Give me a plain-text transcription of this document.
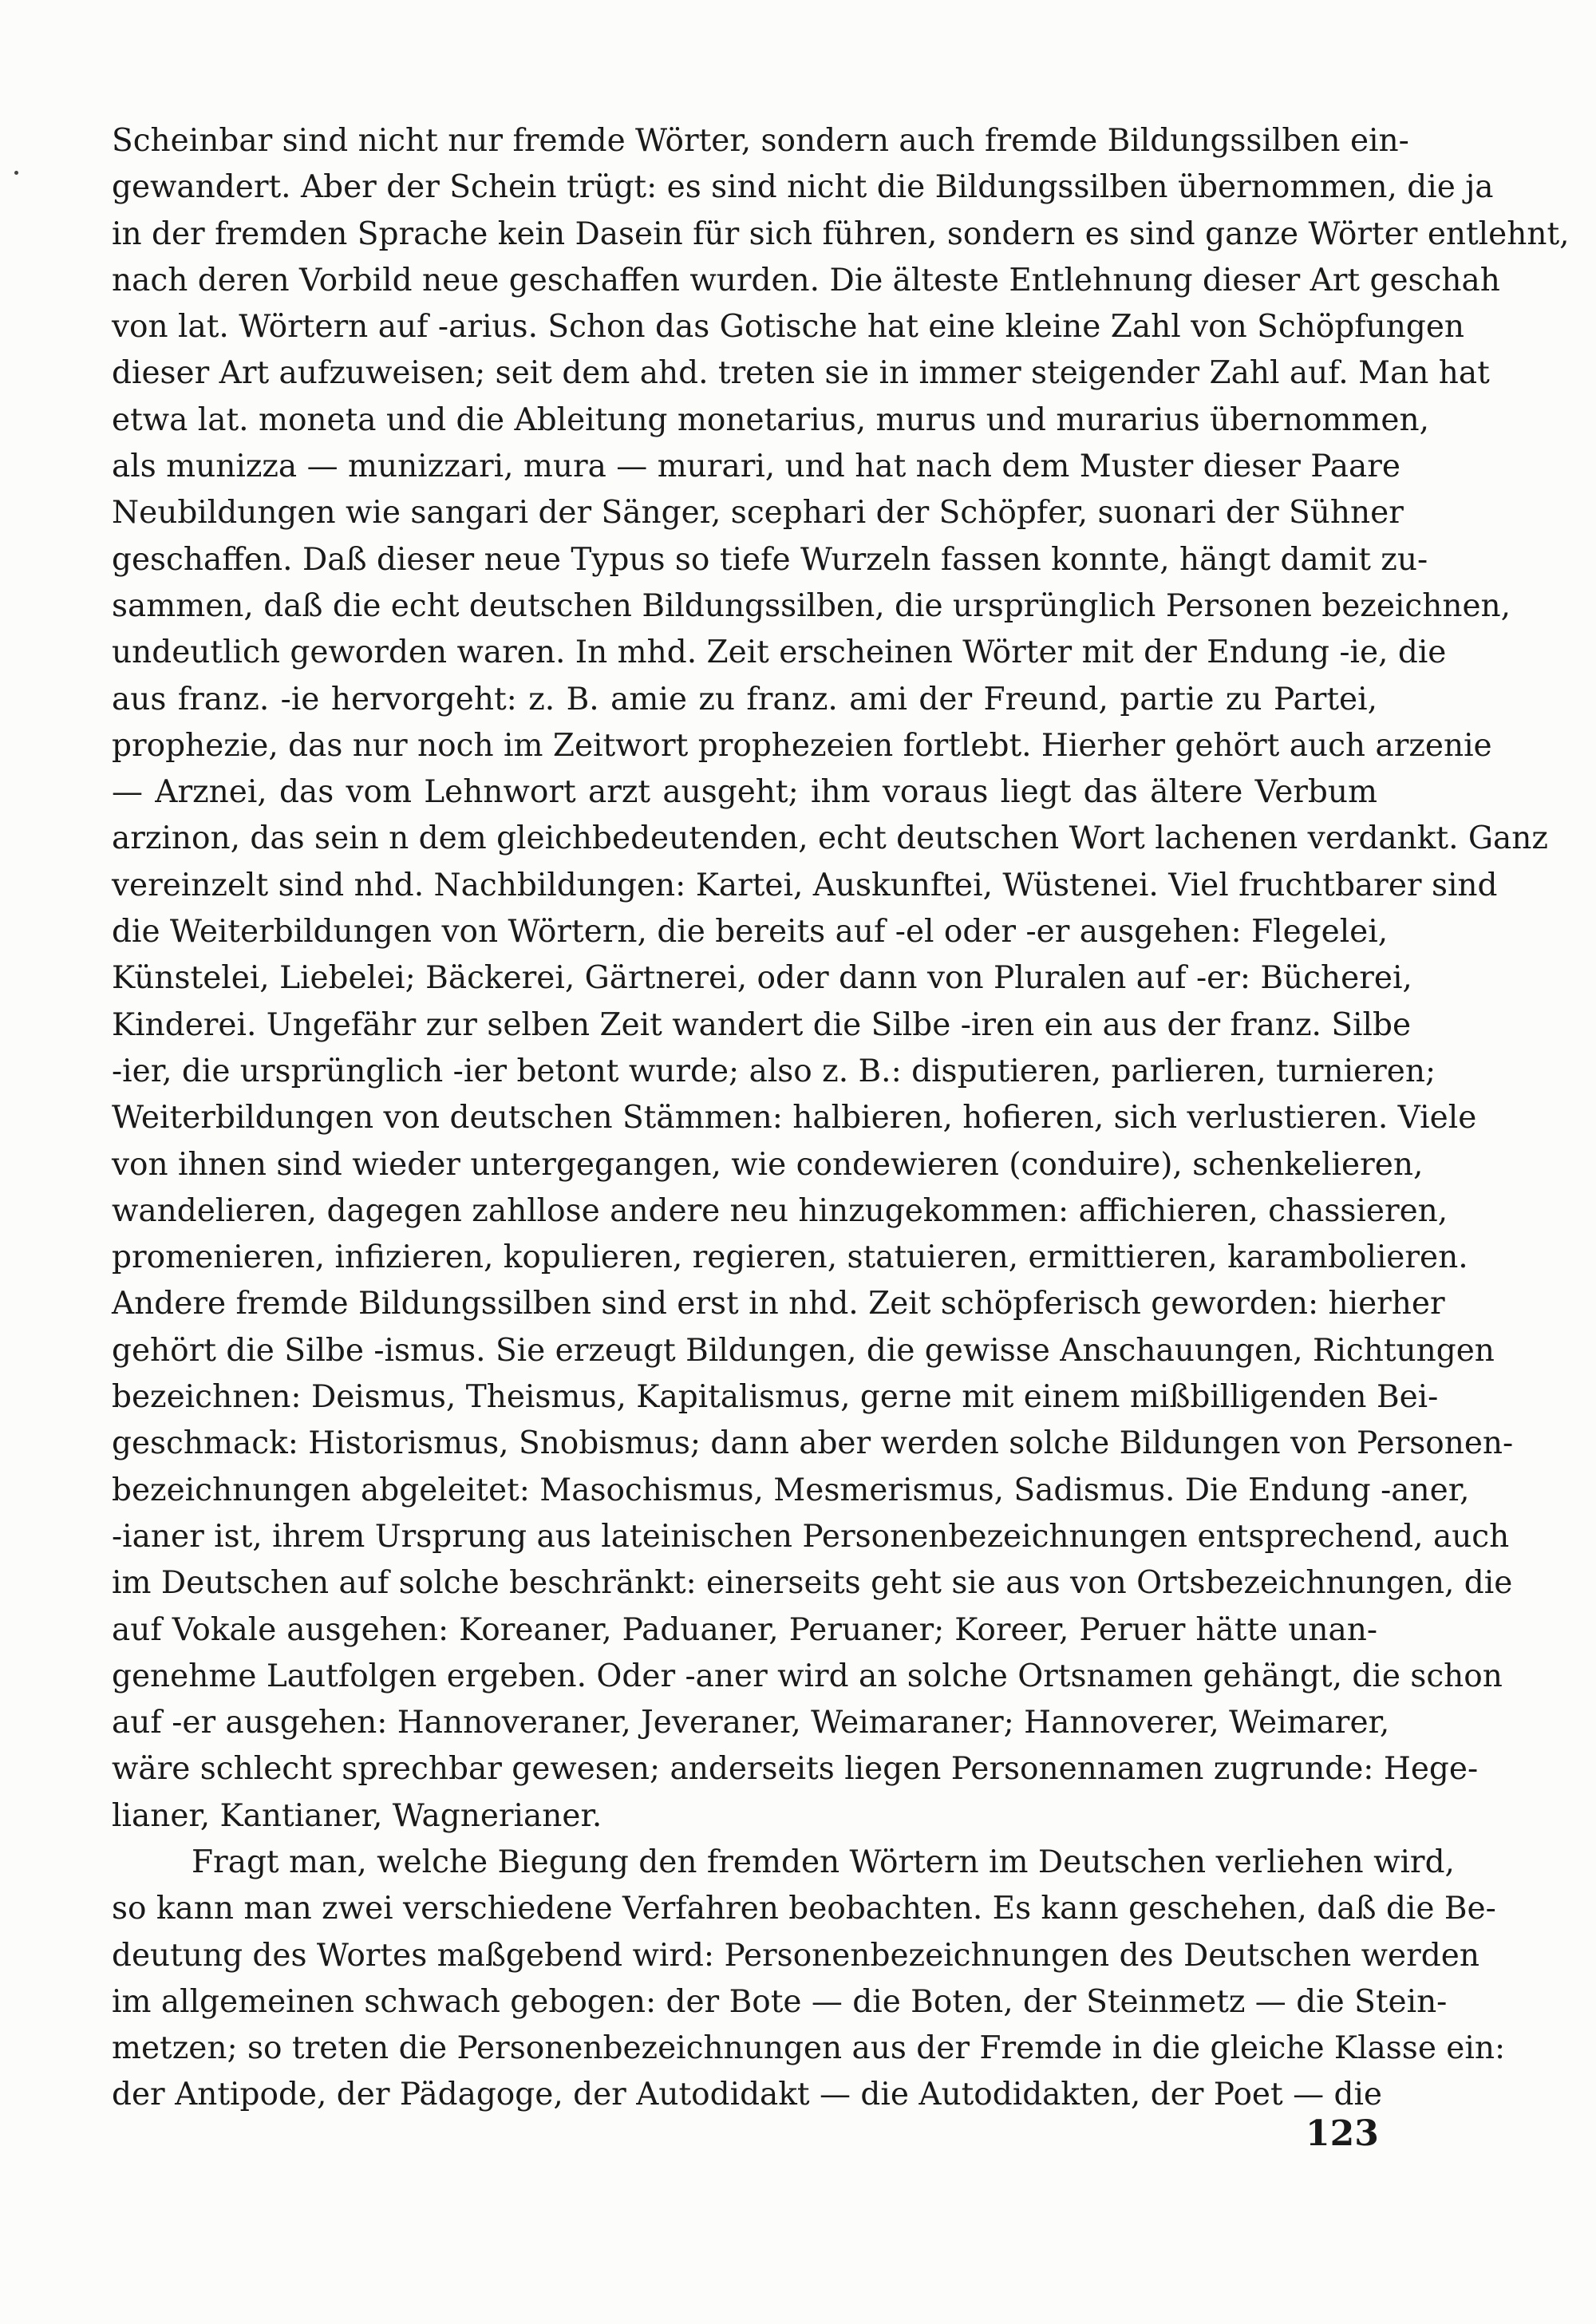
Scheinbar sind nicht nur fremde Wörter, sondern auch fremde Bildungssilben ein-
gewandert. Aber der Schein trügt: es sind nicht die Bildungssilben übernommen, die ja
in der fremden Sprache kein Dasein für sich führen, sondern es sind ganze Wörter entlehnt,
nach deren Vorbild neue geschaffen wurden. Die älteste Entlehnung dieser Art geschah
von lat. Wörtern auf -arius. Schon das Gotische hat eine kleine Zahl von Schöpfungen
dieser Art aufzuweisen; seit dem ahd. treten sie in immer steigender Zahl auf. Man hat
etwa lat. moneta und die Ableitung monetarius, murus und murarius übernommen,
als munizza — munizzari, mura — murari, und hat nach dem Muster dieser Paare
Neubildungen wie sangari der Sänger, scephari der Schöpfer, suonari der Sühner
geschaffen. Daß dieser neue Typus so tiefe Wurzeln fassen konnte, hängt damit zu-
sammen, daß die echt deutschen Bildungssilben, die ursprünglich Personen bezeichnen,
undeutlich geworden waren. In mhd. Zeit erscheinen Wörter mit der Endung -ie, die
aus franz. -ie hervorgeht: z. B. amie zu franz. ami der Freund, partie zu Partei,
prophezie, das nur noch im Zeitwort prophezeien fortlebt. Hierher gehört auch arzenie
— Arznei, das vom Lehnwort arzt ausgeht; ihm voraus liegt das ältere Verbum
arzinon, das sein n dem gleichbedeutenden, echt deutschen Wort lachenen verdankt. Ganz
vereinzelt sind nhd. Nachbildungen: Kartei, Auskunftei, Wüstenei. Viel fruchtbarer sind
die Weiterbildungen von Wörtern, die bereits auf -el oder -er ausgehen: Flegelei,
Künstelei, Liebelei; Bäckerei, Gärtnerei, oder dann von Pluralen auf -er: Bücherei,
Kinderei. Ungefähr zur selben Zeit wandert die Silbe -iren ein aus der franz. Silbe
-ier, die ursprünglich -ier betont wurde; also z. B.: disputieren, parlieren, turnieren;
Weiterbildungen von deutschen Stämmen: halbieren, hofieren, sich verlustieren. Viele
von ihnen sind wieder untergegangen, wie condewieren (conduire), schenkelieren,
wandelieren, dagegen zahllose andere neu hinzugekommen: affichieren, chassieren,
promenieren, infizieren, kopulieren, regieren, statuieren, ermittieren, karambolieren.
Andere fremde Bildungssilben sind erst in nhd. Zeit schöpferisch geworden: hierher
gehört die Silbe -ismus. Sie erzeugt Bildungen, die gewisse Anschauungen, Richtungen
bezeichnen: Deismus, Theismus, Kapitalismus, gerne mit einem mißbilligenden Bei-
geschmack: Historismus, Snobismus; dann aber werden solche Bildungen von Personen-
bezeichnungen abgeleitet: Masochismus, Mesmerismus, Sadismus. Die Endung -aner,
-ianer ist, ihrem Ursprung aus lateinischen Personenbezeichnungen entsprechend, auch
im Deutschen auf solche beschränkt: einerseits geht sie aus von Ortsbezeichnungen, die
auf Vokale ausgehen: Koreaner, Paduaner, Peruaner; Koreer, Peruer hätte unan-
genehme Lautfolgen ergeben. Oder -aner wird an solche Ortsnamen gehängt, die schon
auf -er ausgehen: Hannoveraner, Jeveraner, Weimaraner; Hannoverer, Weimarer,
wäre schlecht sprechbar gewesen; anderseits liegen Personennamen zugrunde: Hege-
lianer, Kantianer, Wagnerianer.
Fragt man, welche Biegung den fremden Wörtern im Deutschen verliehen wird,
so kann man zwei verschiedene Verfahren beobachten. Es kann geschehen, daß die Be-
deutung des Wortes maßgebend wird: Personenbezeichnungen des Deutschen werden
im allgemeinen schwach gebogen: der Bote — die Boten, der Steinmetz — die Stein-
metzen; so treten die Personenbezeichnungen aus der Fremde in die gleiche Klasse ein:
der Antipode, der Pädagoge, der Autodidakt — die Autodidakten, der Poet — die
123
